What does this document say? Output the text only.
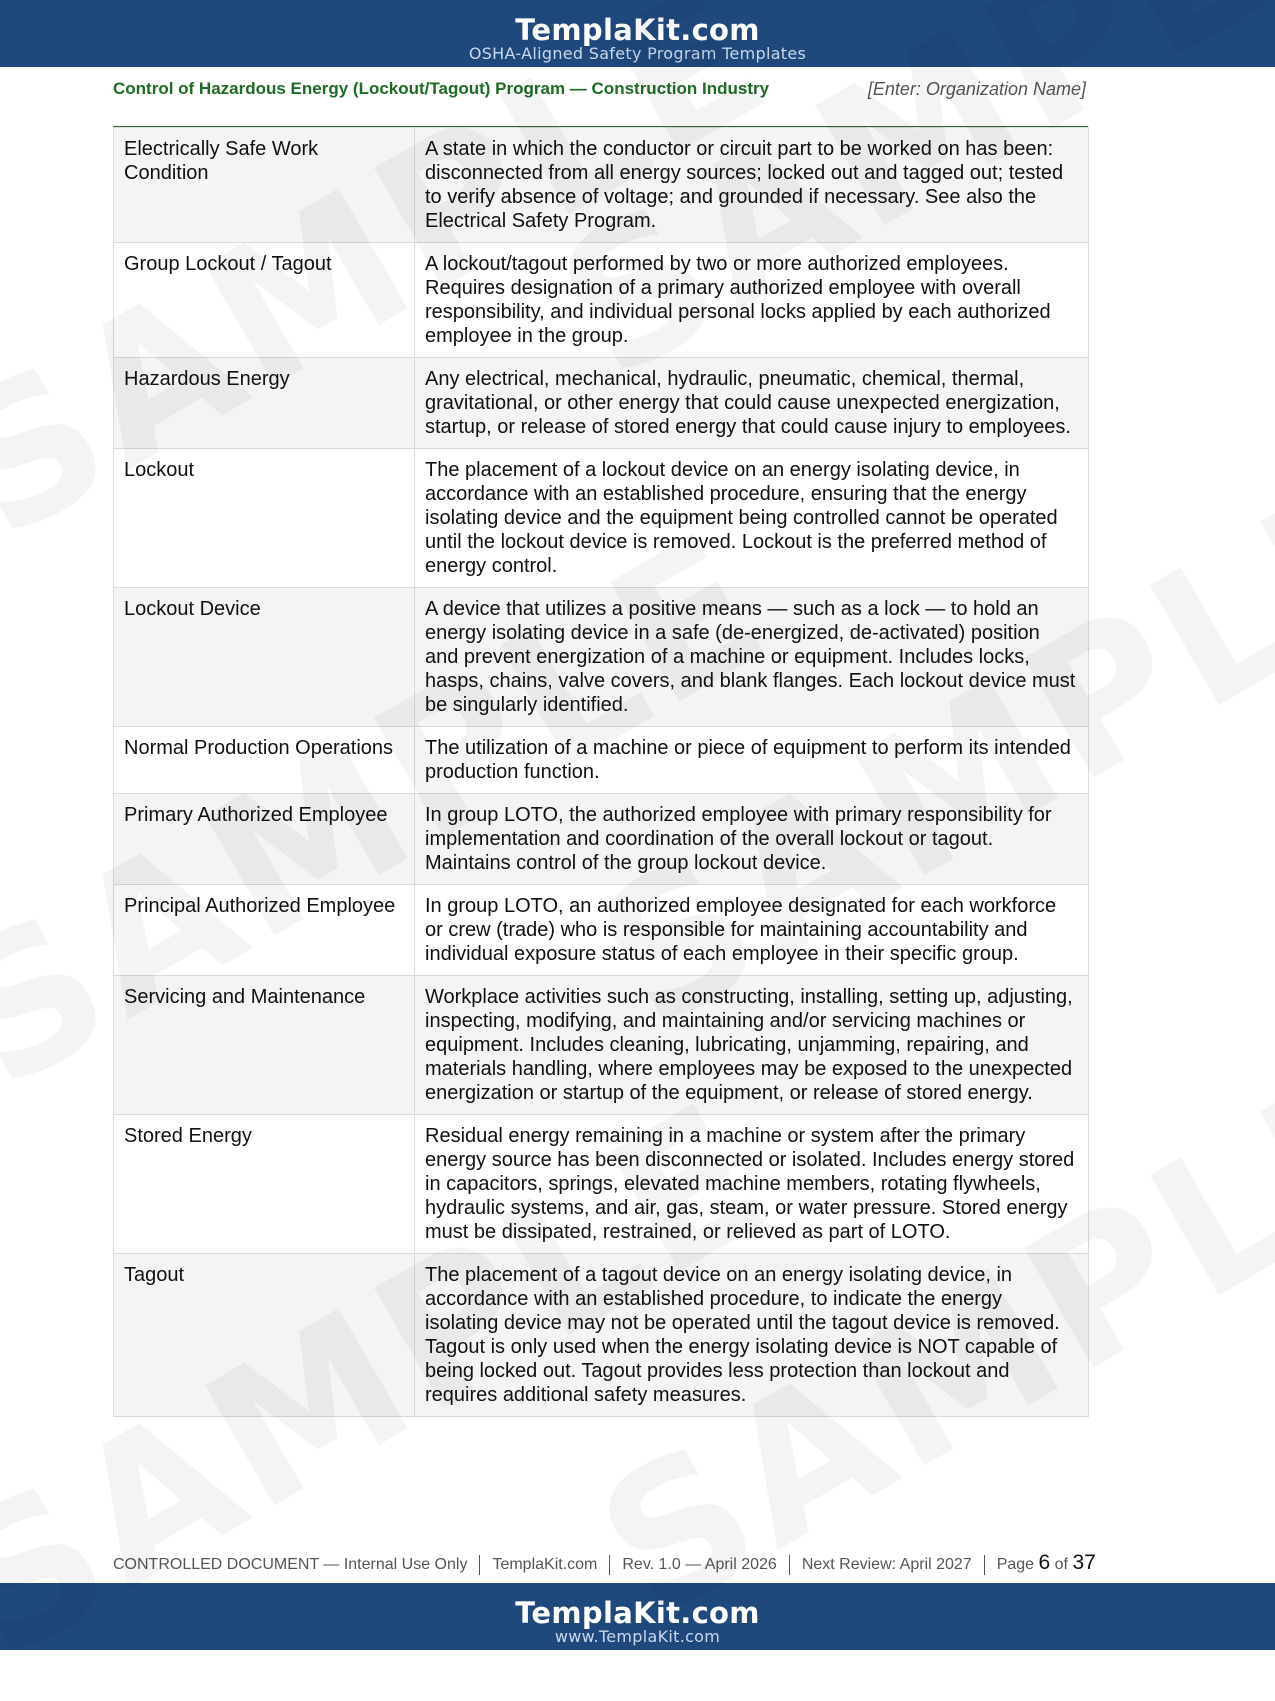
TemplaKit.com
OSHA-Aligned Safety Program Templates
Control of Hazardous Energy (Lockout/Tagout) Program — Construction Industry	[Enter: Organization Name]
Electrically Safe Work Condition	A state in which the conductor or circuit part to be worked on has been: disconnected from all energy sources; locked out and tagged out; tested to verify absence of voltage; and grounded if necessary. See also the Electrical Safety Program.
Group Lockout / Tagout	A lockout/tagout performed by two or more authorized employees. Requires designation of a primary authorized employee with overall responsibility, and individual personal locks applied by each authorized employee in the group.
Hazardous Energy	Any electrical, mechanical, hydraulic, pneumatic, chemical, thermal, gravitational, or other energy that could cause unexpected energization, startup, or release of stored energy that could cause injury to employees.
Lockout	The placement of a lockout device on an energy isolating device, in accordance with an established procedure, ensuring that the energy isolating device and the equipment being controlled cannot be operated until the lockout device is removed. Lockout is the preferred method of energy control.
Lockout Device	A device that utilizes a positive means — such as a lock — to hold an energy isolating device in a safe (de-energized, de-activated) position and prevent energization of a machine or equipment. Includes locks, hasps, chains, valve covers, and blank flanges. Each lockout device must be singularly identified.
Normal Production Operations	The utilization of a machine or piece of equipment to perform its intended production function.
Primary Authorized Employee	In group LOTO, the authorized employee with primary responsibility for implementation and coordination of the overall lockout or tagout. Maintains control of the group lockout device.
Principal Authorized Employee	In group LOTO, an authorized employee designated for each workforce or crew (trade) who is responsible for maintaining accountability and individual exposure status of each employee in their specific group.
Servicing and Maintenance	Workplace activities such as constructing, installing, setting up, adjusting, inspecting, modifying, and maintaining and/or servicing machines or equipment. Includes cleaning, lubricating, unjamming, repairing, and materials handling, where employees may be exposed to the unexpected energization or startup of the equipment, or release of stored energy.
Stored Energy	Residual energy remaining in a machine or system after the primary energy source has been disconnected or isolated. Includes energy stored in capacitors, springs, elevated machine members, rotating flywheels, hydraulic systems, and air, gas, steam, or water pressure. Stored energy must be dissipated, restrained, or relieved as part of LOTO.
Tagout	The placement of a tagout device on an energy isolating device, in accordance with an established procedure, to indicate the energy isolating device may not be operated until the tagout device is removed. Tagout is only used when the energy isolating device is NOT capable of being locked out. Tagout provides less protection than lockout and requires additional safety measures.
CONTROLLED DOCUMENT — Internal Use Only TemplaKit.com Rev. 1.0 — April 2026 Next Review: April 2027 Page 6 of 37
TemplaKit.com
www.TemplaKit.com
